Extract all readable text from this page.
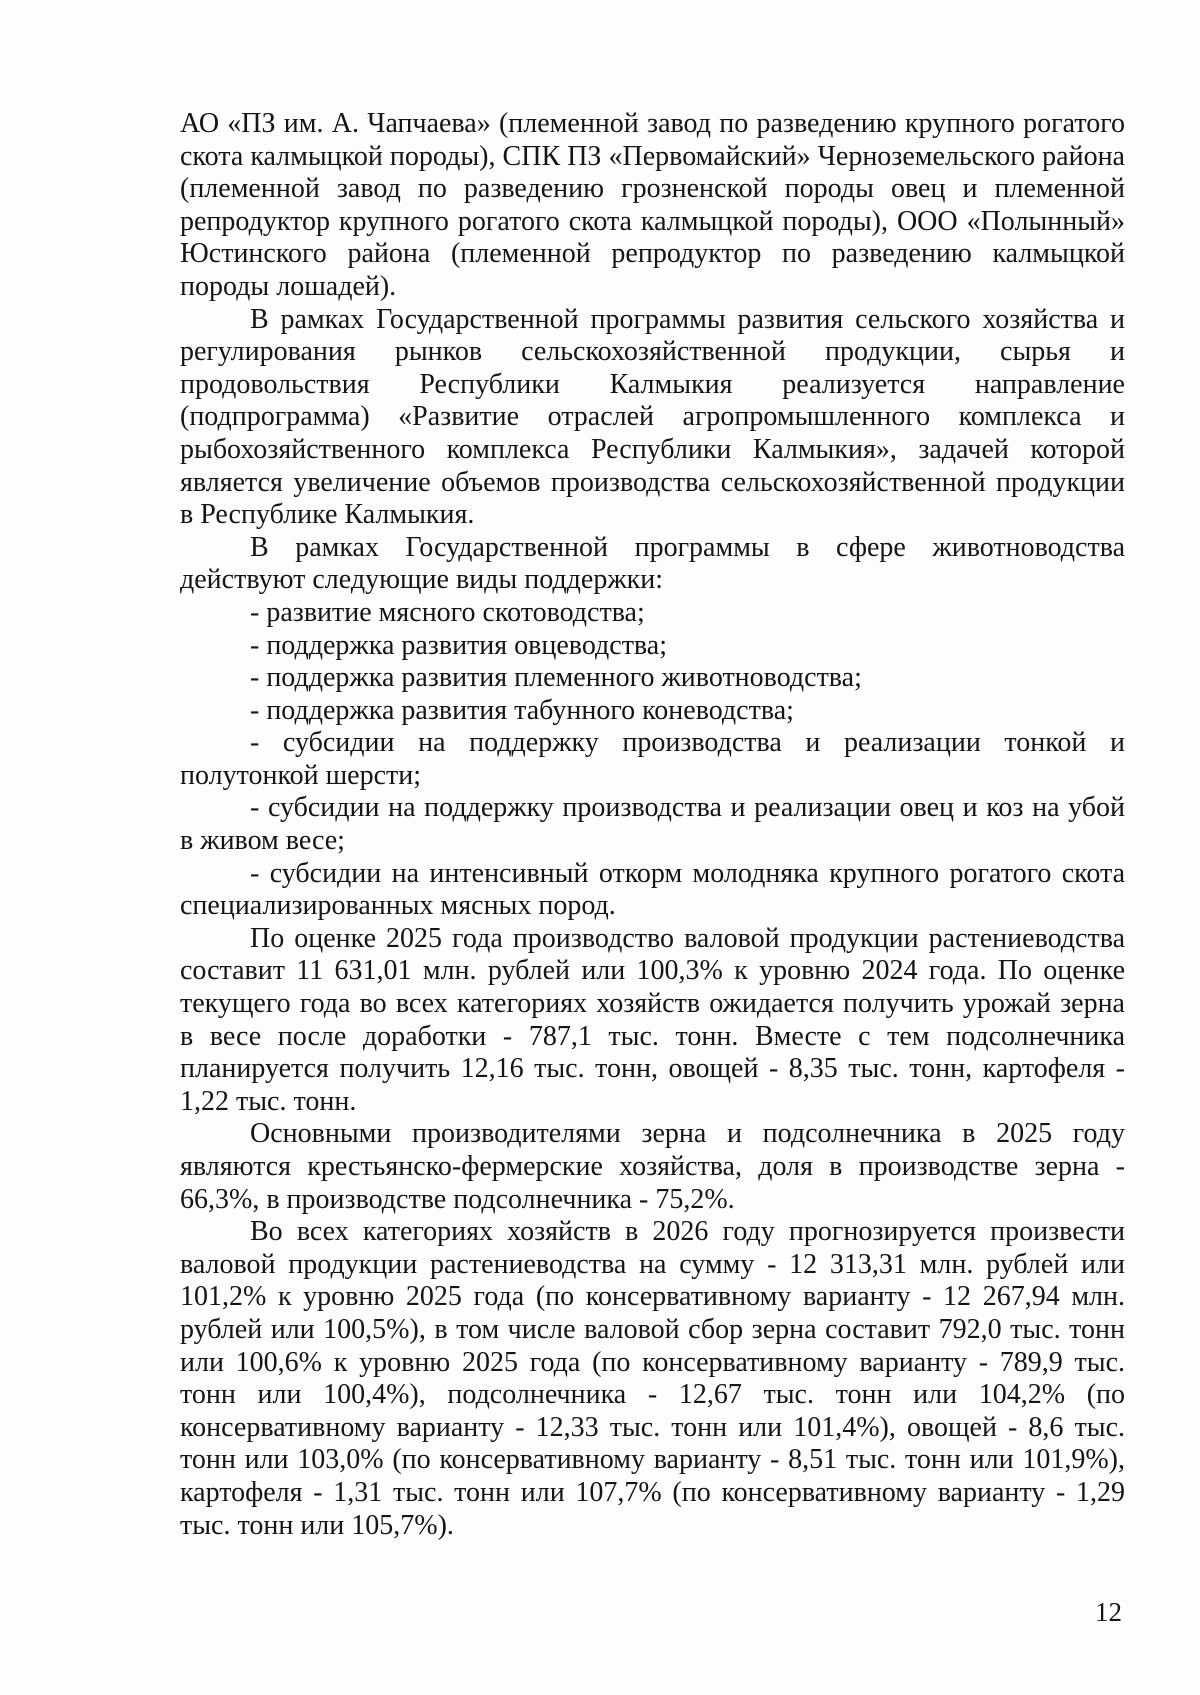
АО «ПЗ им. А. Чапчаева» (племенной завод по разведению крупного рогатого скота калмыцкой породы), СПК ПЗ «Первомайский» Черноземельского района (племенной завод по разведению грозненской породы овец и племенной репродуктор крупного рогатого скота калмыцкой породы), ООО «Полынный» Юстинского района (племенной репродуктор по разведению калмыцкой породы лошадей).

В рамках Государственной программы развития сельского хозяйства и регулирования рынков сельскохозяйственной продукции, сырья и продовольствия Республики Калмыкия реализуется направление (подпрограмма) «Развитие отраслей агропромышленного комплекса и рыбохозяйственного комплекса Республики Калмыкия», задачей которой является увеличение объемов производства сельскохозяйственной продукции в Республике Калмыкия.

В рамках Государственной программы в сфере животноводства действуют следующие виды поддержки:

- развитие мясного скотоводства;

- поддержка развития овцеводства;

- поддержка развития племенного животноводства;

- поддержка развития табунного коневодства;

- субсидии на поддержку производства и реализации тонкой и полутонкой шерсти;

- субсидии на поддержку производства и реализации овец и коз на убой в живом весе;

- субсидии на интенсивный откорм молодняка крупного рогатого скота специализированных мясных пород.

По оценке 2025 года производство валовой продукции растениеводства составит 11 631,01 млн. рублей или 100,3% к уровню 2024 года. По оценке текущего года во всех категориях хозяйств ожидается получить урожай зерна в весе после доработки - 787,1 тыс. тонн. Вместе с тем подсолнечника планируется получить 12,16 тыс. тонн, овощей - 8,35 тыс. тонн, картофеля - 1,22 тыс. тонн.

Основными производителями зерна и подсолнечника в 2025 году являются крестьянско-фермерские хозяйства, доля в производстве зерна - 66,3%, в производстве подсолнечника - 75,2%.

Во всех категориях хозяйств в 2026 году прогнозируется произвести валовой продукции растениеводства на сумму - 12 313,31 млн. рублей или 101,2% к уровню 2025 года (по консервативному варианту - 12 267,94 млн. рублей или 100,5%), в том числе валовой сбор зерна составит 792,0 тыс. тонн или 100,6% к уровню 2025 года (по консервативному варианту - 789,9 тыс. тонн или 100,4%), подсолнечника - 12,67 тыс. тонн или 104,2% (по консервативному варианту - 12,33 тыс. тонн или 101,4%), овощей - 8,6 тыс. тонн или 103,0% (по консервативному варианту - 8,51 тыс. тонн или 101,9%), картофеля - 1,31 тыс. тонн или 107,7% (по консервативному варианту - 1,29 тыс. тонн или 105,7%).

12
